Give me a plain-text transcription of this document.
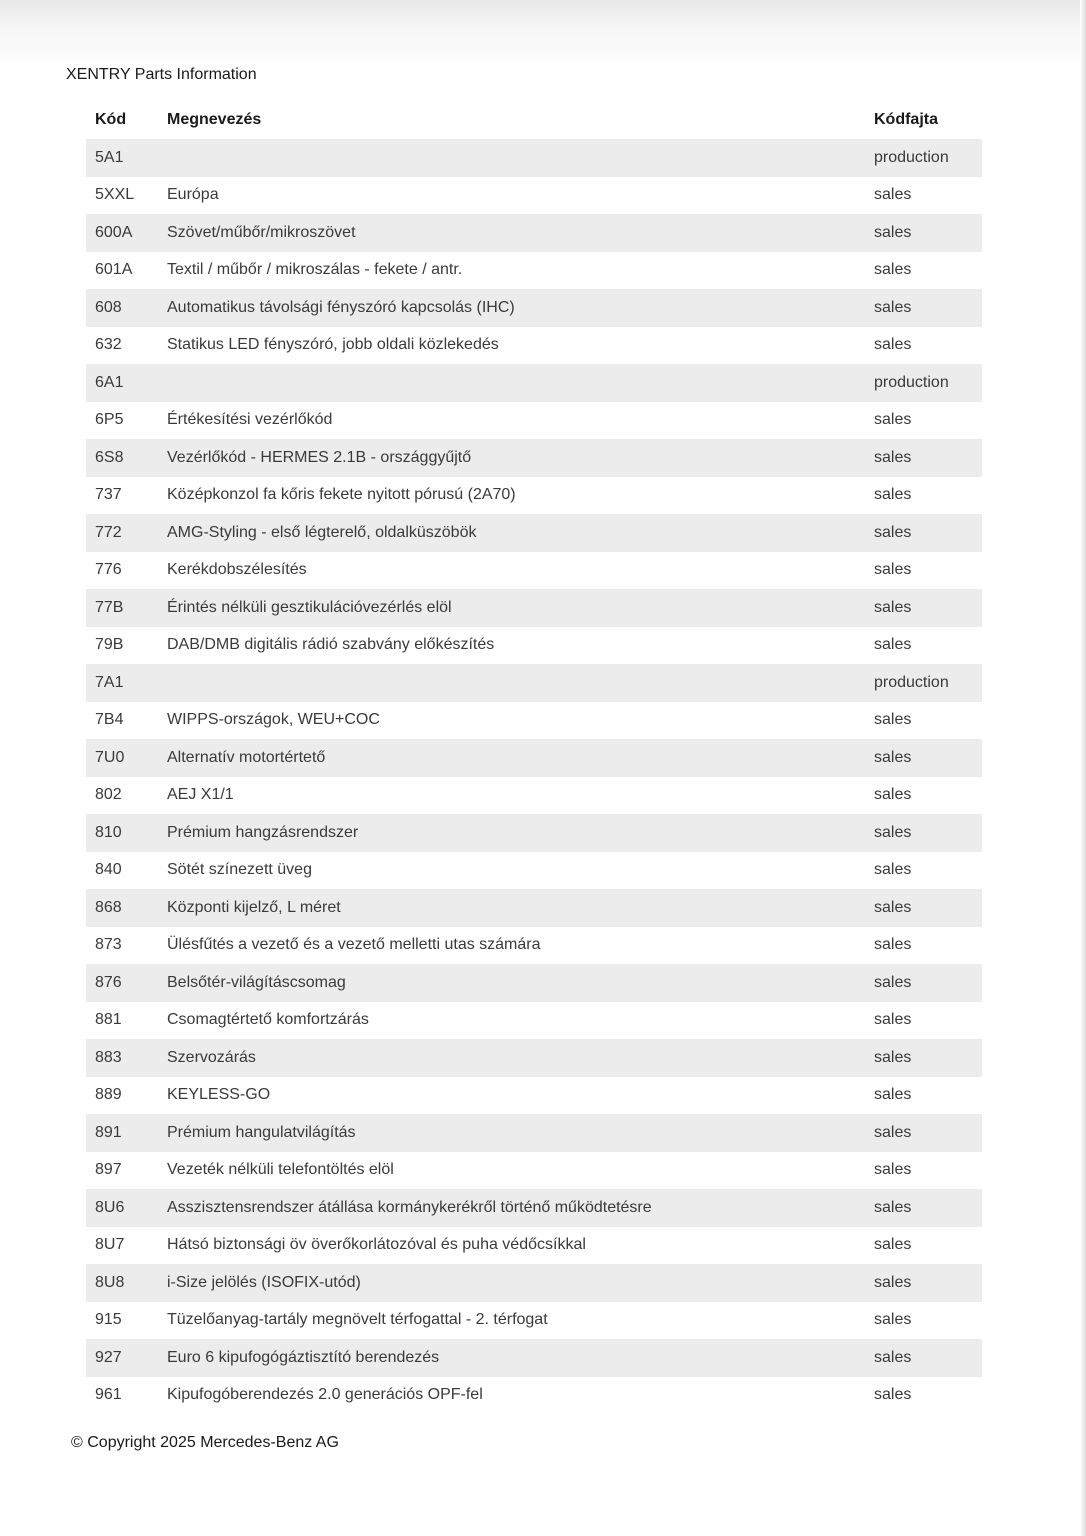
XENTRY Parts Information
Kód	Megnevezés	Kódfajta
5A1		production
5XXL	Európa	sales
600A	Szövet/műbőr/mikroszövet	sales
601A	Textil / műbőr / mikroszálas - fekete / antr.	sales
608	Automatikus távolsági fényszóró kapcsolás (IHC)	sales
632	Statikus LED fényszóró, jobb oldali közlekedés	sales
6A1		production
6P5	Értékesítési vezérlőkód	sales
6S8	Vezérlőkód - HERMES 2.1B - országgyűjtő	sales
737	Középkonzol fa kőris fekete nyitott pórusú (2A70)	sales
772	AMG-Styling - első légterelő, oldalküszöbök	sales
776	Kerékdobszélesítés	sales
77B	Érintés nélküli gesztikulációvezérlés elöl	sales
79B	DAB/DMB digitális rádió szabvány előkészítés	sales
7A1		production
7B4	WIPPS-országok, WEU+COC	sales
7U0	Alternatív motortértető	sales
802	AEJ X1/1	sales
810	Prémium hangzásrendszer	sales
840	Sötét színezett üveg	sales
868	Központi kijelző, L méret	sales
873	Ülésfűtés a vezető és a vezető melletti utas számára	sales
876	Belsőtér-világításcsomag	sales
881	Csomagtértető komfortzárás	sales
883	Szervozárás	sales
889	KEYLESS-GO	sales
891	Prémium hangulatvilágítás	sales
897	Vezeték nélküli telefontöltés elöl	sales
8U6	Asszisztensrendszer átállása kormánykerékről történő működtetésre	sales
8U7	Hátsó biztonsági öv överőkorlátozóval és puha védőcsíkkal	sales
8U8	i-Size jelölés (ISOFIX-utód)	sales
915	Tüzelőanyag-tartály megnövelt térfogattal - 2. térfogat	sales
927	Euro 6 kipufogógáztisztító berendezés	sales
961	Kipufogóberendezés 2.0 generációs OPF-fel	sales
© Copyright 2025 Mercedes-Benz AG
